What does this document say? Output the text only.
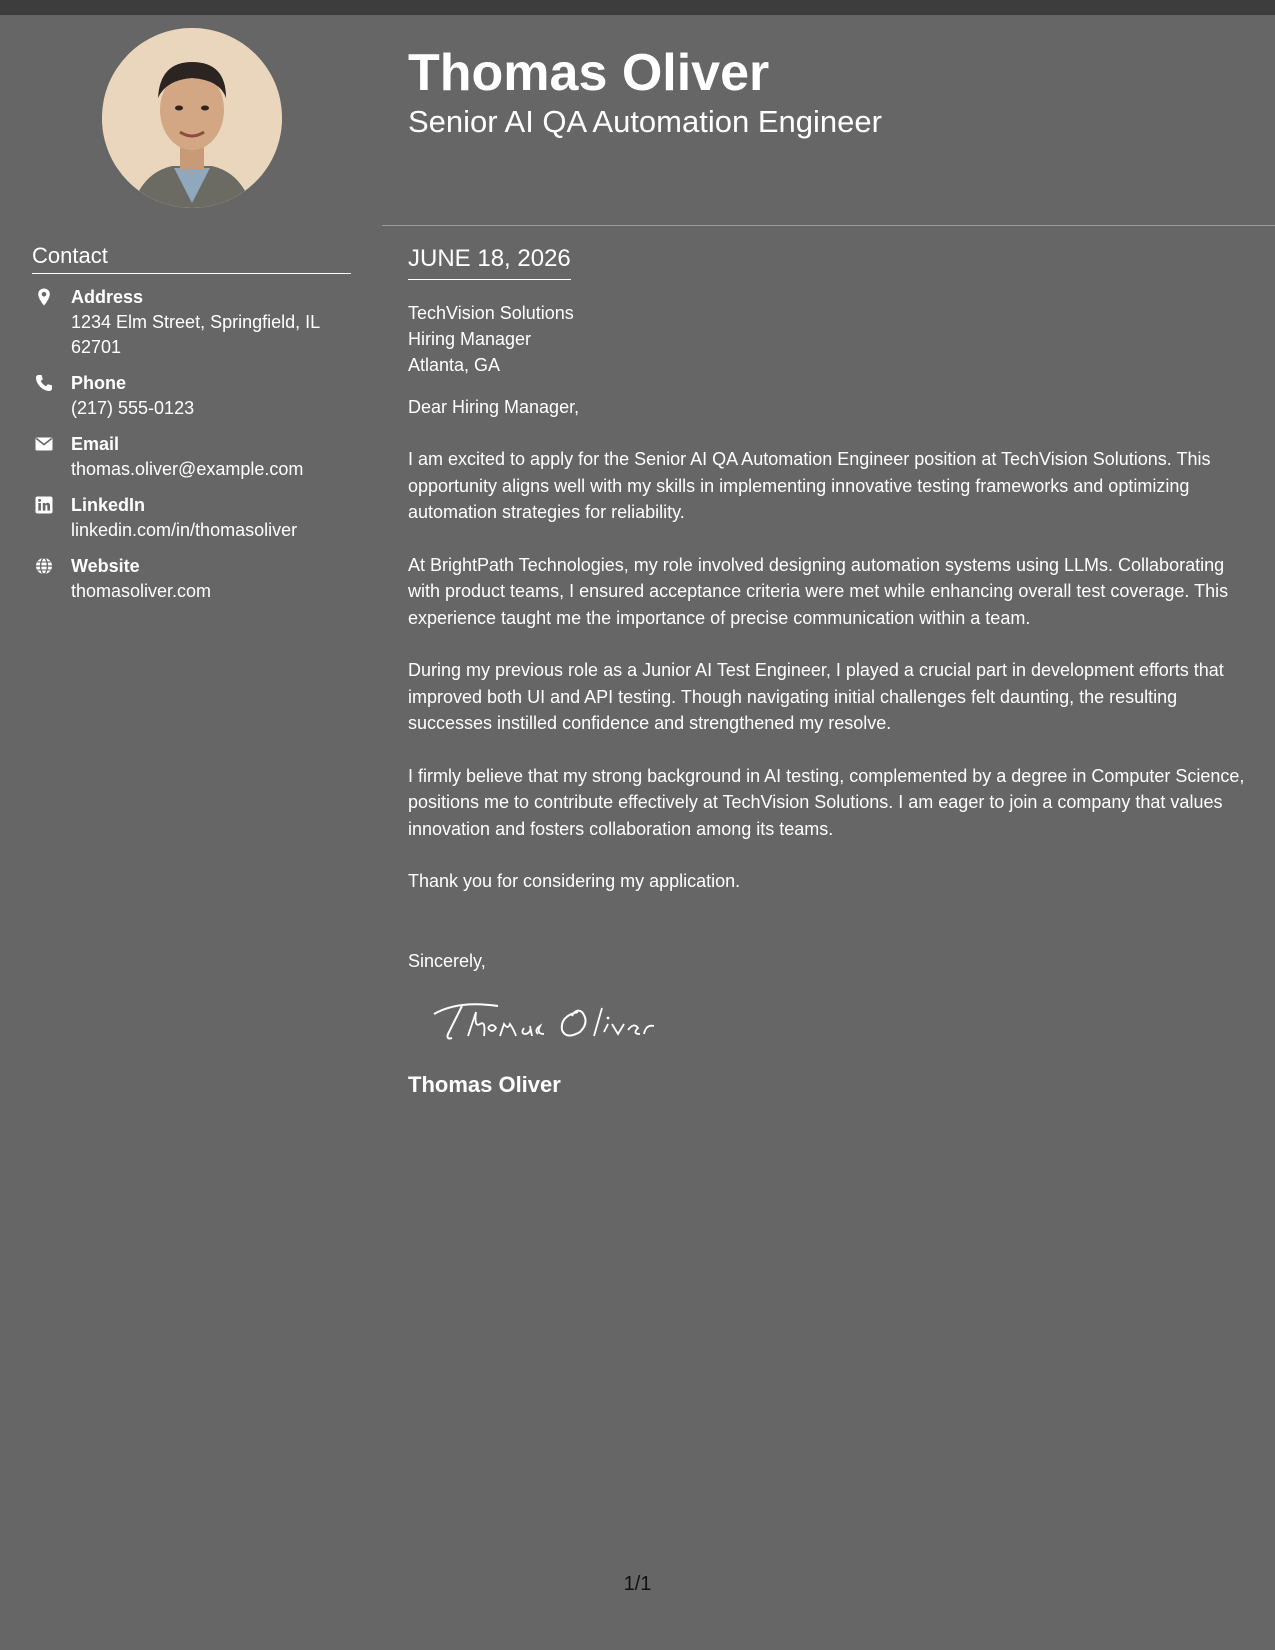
Contact
Address
1234 Elm Street, Springfield, IL 62701
Phone
(217) 555-0123
Email
thomas.oliver@example.com
LinkedIn
linkedin.com/in/thomasoliver
Website
thomasoliver.com
Thomas Oliver
Senior AI QA Automation Engineer
JUNE 18, 2026
TechVision Solutions
Hiring Manager
Atlanta, GA
Dear Hiring Manager,
I am excited to apply for the Senior AI QA Automation Engineer position at TechVision Solutions. This opportunity aligns well with my skills in implementing innovative testing frameworks and optimizing automation strategies for reliability.
At BrightPath Technologies, my role involved designing automation systems using LLMs. Collaborating with product teams, I ensured acceptance criteria were met while enhancing overall test coverage. This experience taught me the importance of precise communication within a team.
During my previous role as a Junior AI Test Engineer, I played a crucial part in development efforts that improved both UI and API testing. Though navigating initial challenges felt daunting, the resulting successes instilled confidence and strengthened my resolve.
I firmly believe that my strong background in AI testing, complemented by a degree in Computer Science, positions me to contribute effectively at TechVision Solutions. I am eager to join a company that values innovation and fosters collaboration among its teams.
Thank you for considering my application.
Sincerely,
Thomas Oliver
1/1
